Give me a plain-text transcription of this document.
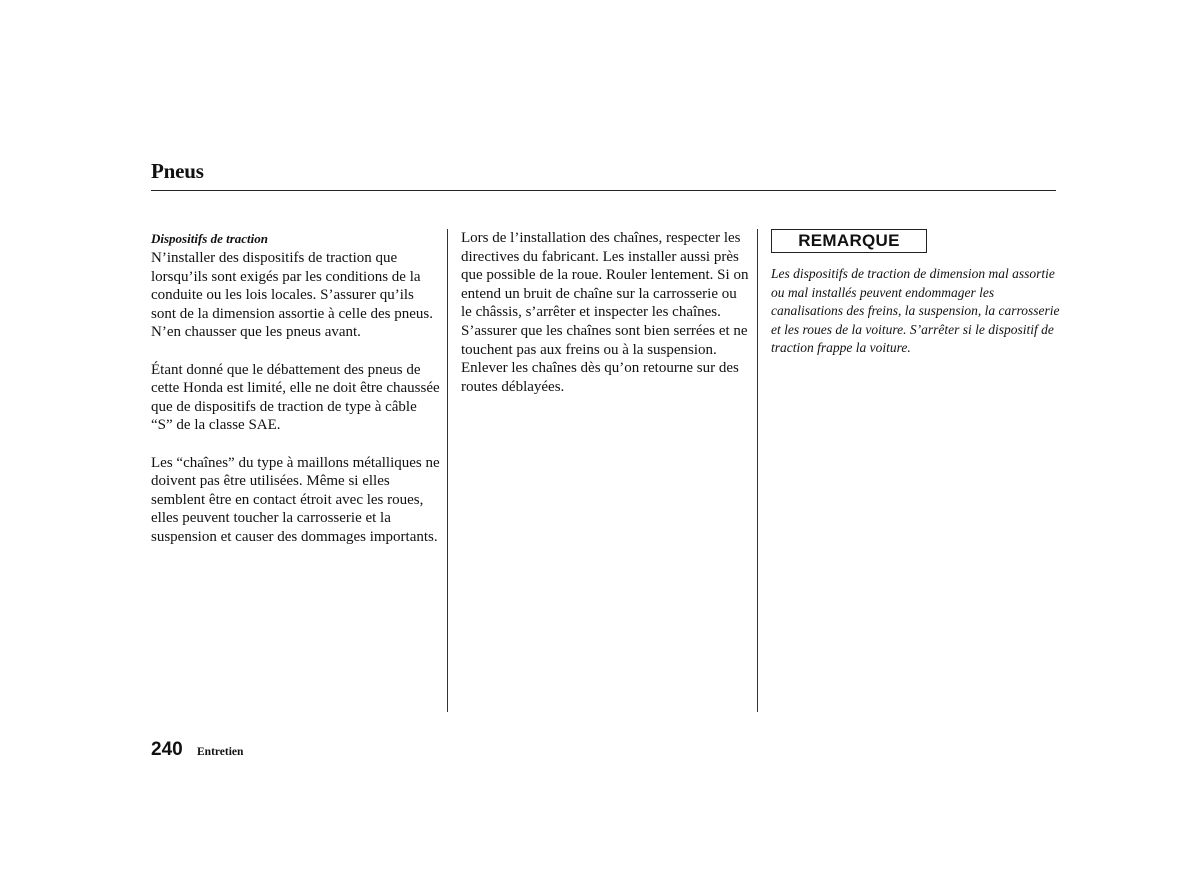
Pneus
Dispositifs de traction

N’installer des dispositifs de traction que lorsqu’ils sont exigés par les conditions de la conduite ou les lois locales. S’assurer qu’ils sont de la dimension assortie à celle des pneus. N’en chausser que les pneus avant.

Étant donné que le débattement des pneus de cette Honda est limité, elle ne doit être chaussée que de dispositifs de traction de type à câble “S” de la classe SAE.

Les “chaînes” du type à maillons métalliques ne doivent pas être utilisées. Même si elles semblent être en contact étroit avec les roues, elles peuvent toucher la carrosserie et la suspension et causer des dommages importants.

Lors de l’installation des chaînes, respecter les directives du fabricant. Les installer aussi près que possible de la roue. Rouler lentement. Si on entend un bruit de chaîne sur la carrosserie ou le châssis, s’arrêter et inspecter les chaînes. S’assurer que les chaînes sont bien serrées et ne touchent pas aux freins ou à la suspension.

Enlever les chaînes dès qu’on retourne sur des routes déblayées.

REMARQUE

Les dispositifs de traction de dimension mal assortie ou mal installés peuvent endommager les canalisations des freins, la suspension, la carrosserie et les roues de la voiture. S’arrêter si le dispositif de traction frappe la voiture.

240 Entretien
